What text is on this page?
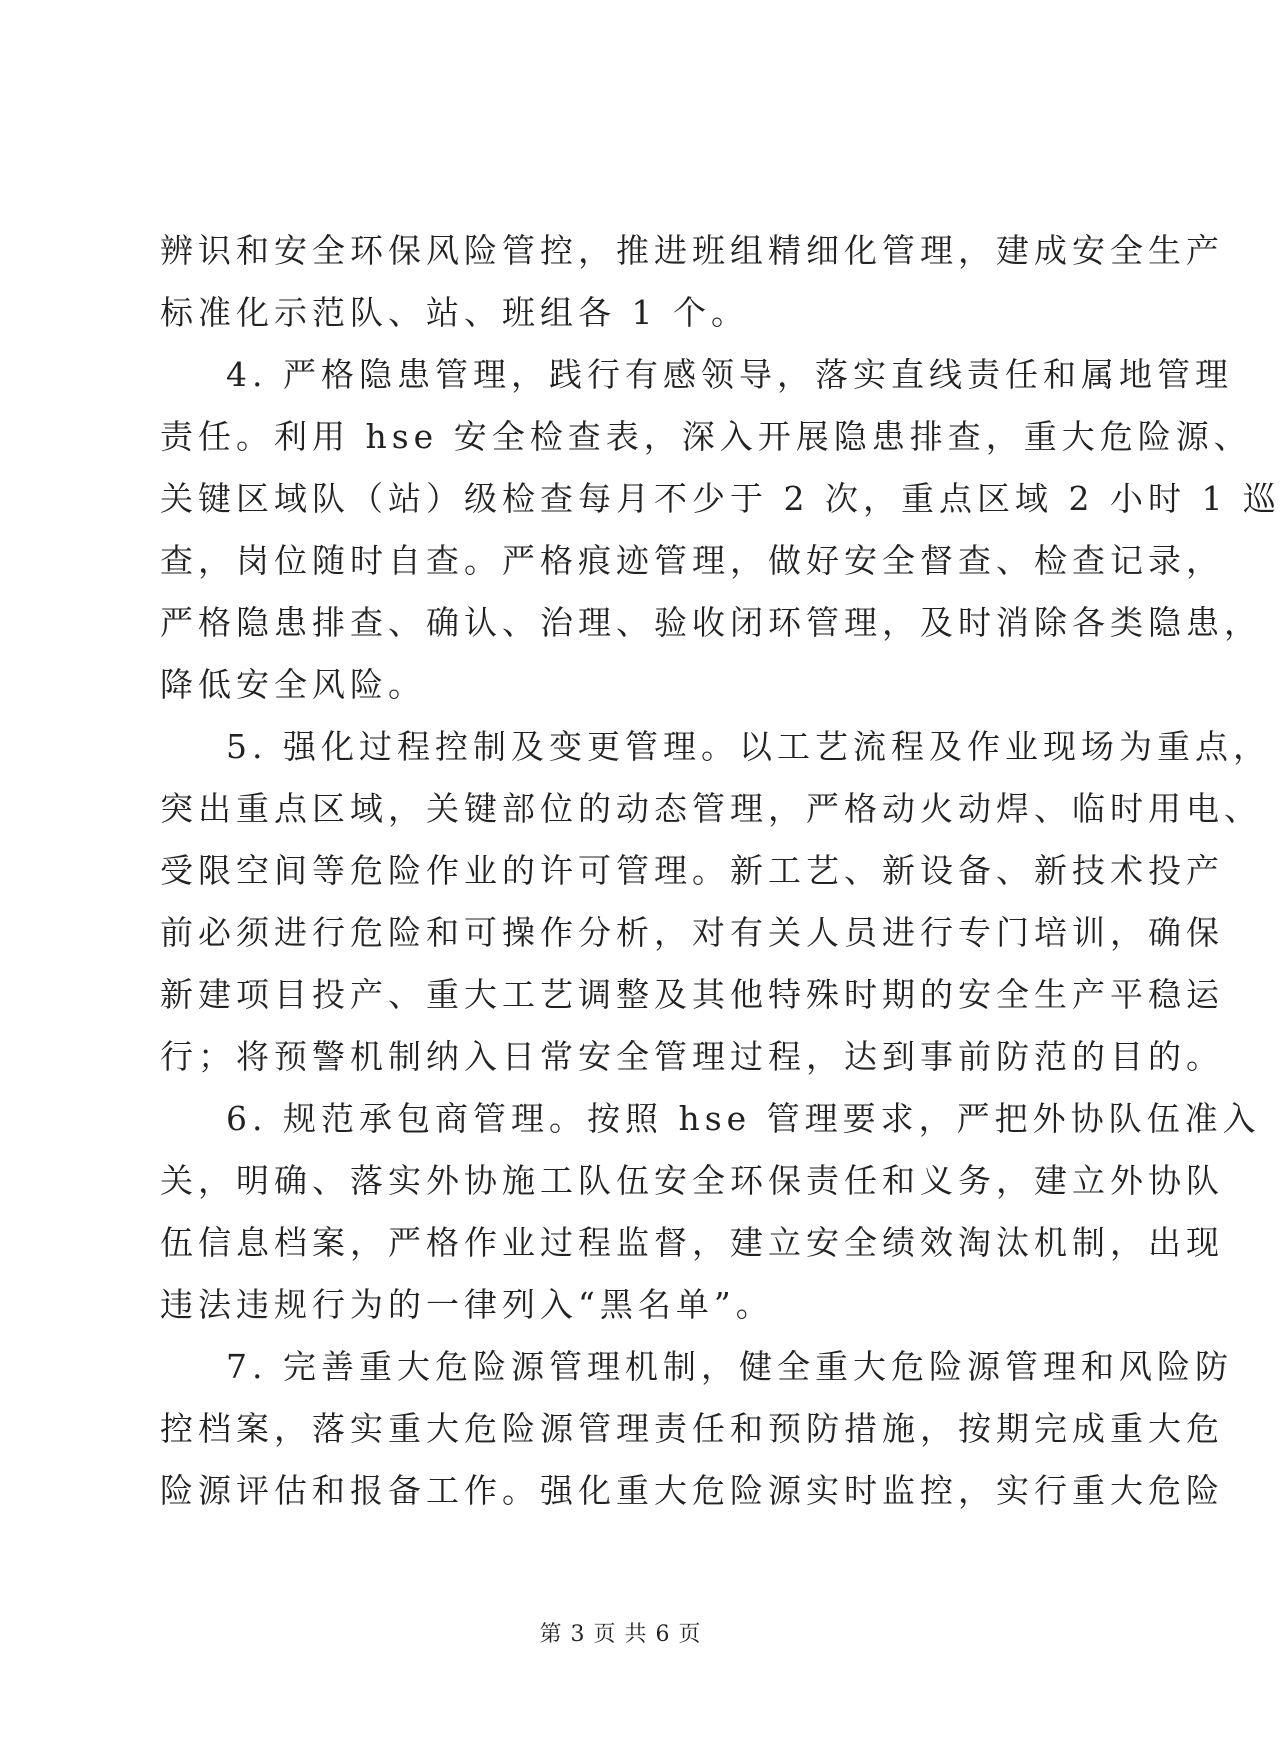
辨识和安全环保风险管控，推进班组精细化管理，建成安全生产
标准化示范队、站、班组各 1 个。
4. 严格隐患管理，践行有感领导，落实直线责任和属地管理
责任。利用 hse 安全检查表，深入开展隐患排查，重大危险源、
关键区域队（站）级检查每月不少于 2 次，重点区域 2 小时 1 巡
查，岗位随时自查。严格痕迹管理，做好安全督查、检查记录，
严格隐患排查、确认、治理、验收闭环管理，及时消除各类隐患，
降低安全风险。
5. 强化过程控制及变更管理。以工艺流程及作业现场为重点，
突出重点区域，关键部位的动态管理，严格动火动焊、临时用电、
受限空间等危险作业的许可管理。新工艺、新设备、新技术投产
前必须进行危险和可操作分析，对有关人员进行专门培训，确保
新建项目投产、重大工艺调整及其他特殊时期的安全生产平稳运
行；将预警机制纳入日常安全管理过程，达到事前防范的目的。
6. 规范承包商管理。按照 hse 管理要求，严把外协队伍准入
关，明确、落实外协施工队伍安全环保责任和义务，建立外协队
伍信息档案，严格作业过程监督，建立安全绩效淘汰机制，出现
违法违规行为的一律列入“黑名单”。
7. 完善重大危险源管理机制，健全重大危险源管理和风险防
控档案，落实重大危险源管理责任和预防措施，按期完成重大危
险源评估和报备工作。强化重大危险源实时监控，实行重大危险
第 3 页 共 6 页
